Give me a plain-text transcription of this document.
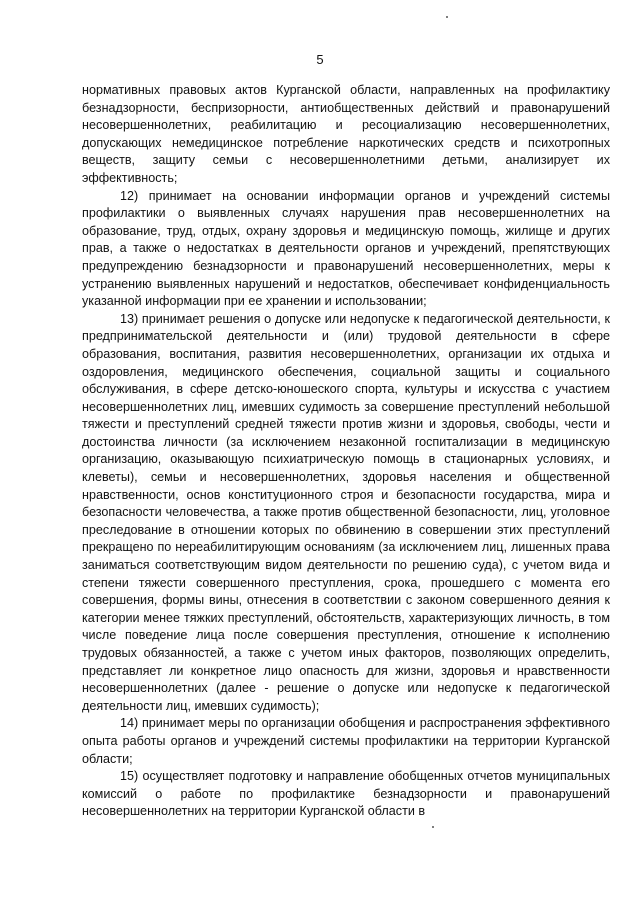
5

нормативных правовых актов Курганской области, направленных на профилактику безнадзорности, беспризорности, антиобщественных действий и правонарушений несовершеннолетних, реабилитацию и ресоциализацию несовершеннолетних, допускающих немедицинское потребление наркотических средств и психотропных веществ, защиту семьи с несовершеннолетними детьми, анализирует их эффективность;

12) принимает на основании информации органов и учреждений системы профилактики о выявленных случаях нарушения прав несовершеннолетних на образование, труд, отдых, охрану здоровья и медицинскую помощь, жилище и других прав, а также о недостатках в деятельности органов и учреждений, препятствующих предупреждению безнадзорности и правонарушений несовершеннолетних, меры к устранению выявленных нарушений и недостатков, обеспечивает конфиденциальность указанной информации при ее хранении и использовании;

13) принимает решения о допуске или недопуске к педагогической деятельности, к предпринимательской деятельности и (или) трудовой деятельности в сфере образования, воспитания, развития несовершеннолетних, организации их отдыха и оздоровления, медицинского обеспечения, социальной защиты и социального обслуживания, в сфере детско-юношеского спорта, культуры и искусства с участием несовершеннолетних лиц, имевших судимость за совершение преступлений небольшой тяжести и преступлений средней тяжести против жизни и здоровья, свободы, чести и достоинства личности (за исключением незаконной госпитализации в медицинскую организацию, оказывающую психиатрическую помощь в стационарных условиях, и клеветы), семьи и несовершеннолетних, здоровья населения и общественной нравственности, основ конституционного строя и безопасности государства, мира и безопасности человечества, а также против общественной безопасности, лиц, уголовное преследование в отношении которых по обвинению в совершении этих преступлений прекращено по нереабилитирующим основаниям (за исключением лиц, лишенных права заниматься соответствующим видом деятельности по решению суда), с учетом вида и степени тяжести совершенного преступления, срока, прошедшего с момента его совершения, формы вины, отнесения в соответствии с законом совершенного деяния к категории менее тяжких преступлений, обстоятельств, характеризующих личность, в том числе поведение лица после совершения преступления, отношение к исполнению трудовых обязанностей, а также с учетом иных факторов, позволяющих определить, представляет ли конкретное лицо опасность для жизни, здоровья и нравственности несовершеннолетних (далее - решение о допуске или недопуске к педагогической деятельности лиц, имевших судимость);

14) принимает меры по организации обобщения и распространения эффективного опыта работы органов и учреждений системы профилактики на территории Курганской области;

15) осуществляет подготовку и направление обобщенных отчетов муниципальных комиссий о работе по профилактике безнадзорности и правонарушений несовершеннолетних на территории Курганской области в
